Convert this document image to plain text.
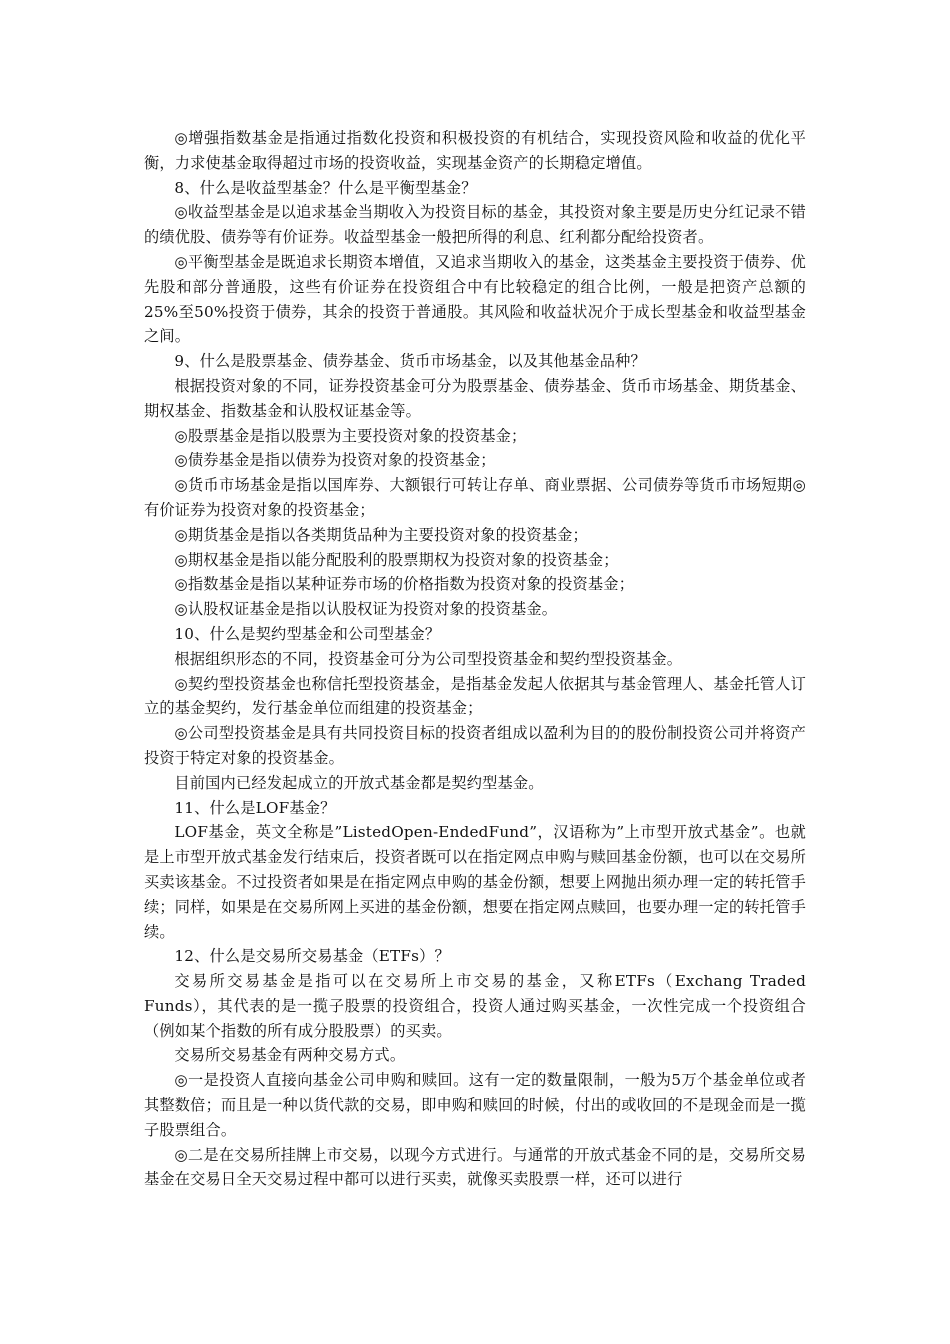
◎增强指数基金是指通过指数化投资和积极投资的有机结合，实现投资风险和收益的优化平衡，力求使基金取得超过市场的投资收益，实现基金资产的长期稳定增值。

8、什么是收益型基金？什么是平衡型基金？

◎收益型基金是以追求基金当期收入为投资目标的基金，其投资对象主要是历史分红记录不错的绩优股、债券等有价证券。收益型基金一般把所得的利息、红利都分配给投资者。

◎平衡型基金是既追求长期资本增值，又追求当期收入的基金，这类基金主要投资于债券、优先股和部分普通股，这些有价证券在投资组合中有比较稳定的组合比例，一般是把资产总额的25%至50%投资于债券，其余的投资于普通股。其风险和收益状况介于成长型基金和收益型基金之间。

9、什么是股票基金、债券基金、货币市场基金，以及其他基金品种？

根据投资对象的不同，证券投资基金可分为股票基金、债券基金、货币市场基金、期货基金、期权基金、指数基金和认股权证基金等。

◎股票基金是指以股票为主要投资对象的投资基金；

◎债券基金是指以债券为投资对象的投资基金；

◎货币市场基金是指以国库券、大额银行可转让存单、商业票据、公司债券等货币市场短期◎有价证券为投资对象的投资基金；

◎期货基金是指以各类期货品种为主要投资对象的投资基金；

◎期权基金是指以能分配股利的股票期权为投资对象的投资基金；

◎指数基金是指以某种证券市场的价格指数为投资对象的投资基金；

◎认股权证基金是指以认股权证为投资对象的投资基金。

10、什么是契约型基金和公司型基金？

根据组织形态的不同，投资基金可分为公司型投资基金和契约型投资基金。

◎契约型投资基金也称信托型投资基金，是指基金发起人依据其与基金管理人、基金托管人订立的基金契约，发行基金单位而组建的投资基金；

◎公司型投资基金是具有共同投资目标的投资者组成以盈利为目的的股份制投资公司并将资产投资于特定对象的投资基金。

目前国内已经发起成立的开放式基金都是契约型基金。

11、什么是LOF基金？

LOF基金，英文全称是”ListedOpen-EndedFund”，汉语称为”上市型开放式基金”。也就是上市型开放式基金发行结束后，投资者既可以在指定网点申购与赎回基金份额，也可以在交易所买卖该基金。不过投资者如果是在指定网点申购的基金份额，想要上网抛出须办理一定的转托管手续；同样，如果是在交易所网上买进的基金份额，想要在指定网点赎回，也要办理一定的转托管手续。

12、什么是交易所交易基金（ETFs）？

交易所交易基金是指可以在交易所上市交易的基金，又称ETFs（Exchang Traded Funds），其代表的是一揽子股票的投资组合，投资人通过购买基金，一次性完成一个投资组合（例如某个指数的所有成分股股票）的买卖。

交易所交易基金有两种交易方式。

◎一是投资人直接向基金公司申购和赎回。这有一定的数量限制，一般为5万个基金单位或者其整数倍；而且是一种以货代款的交易，即申购和赎回的时候，付出的或收回的不是现金而是一揽子股票组合。

◎二是在交易所挂牌上市交易，以现今方式进行。与通常的开放式基金不同的是，交易所交易基金在交易日全天交易过程中都可以进行买卖，就像买卖股票一样，还可以进行
